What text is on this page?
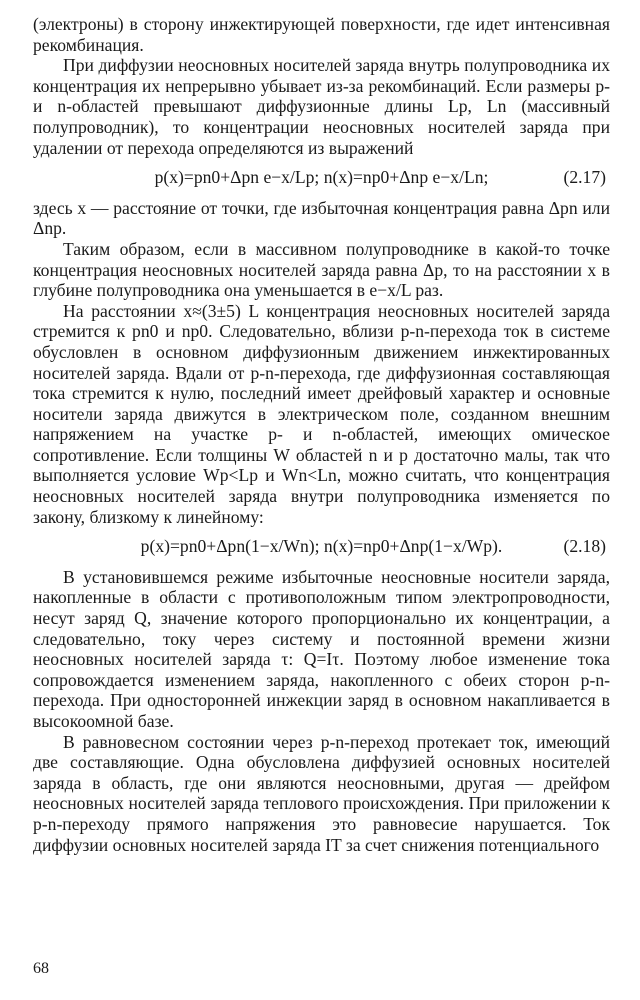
(электроны) в сторону инжектирующей поверхности, где идет интенсивная рекомбинация.

При диффузии неосновных носителей заряда внутрь полупроводника их концентрация их непрерывно убывает из-за рекомбинаций. Если размеры p- и n-областей превышают диффузионные длины Lp, Ln (массивный полупроводник), то концентрации неосновных носителей заряда при удалении от перехода определяются из выражений

p(x)=pn0+Δpn e−x/Lp; n(x)=np0+Δnp e−x/Ln;	(2.17)

здесь x — расстояние от точки, где избыточная концентрация равна Δpn или Δnp.

Таким образом, если в массивном полупроводнике в какой-то точке концентрация неосновных носителей заряда равна Δp, то на расстоянии x в глубине полупроводника она уменьшается в e−x/L раз.

На расстоянии x≈(3±5) L концентрация неосновных носителей заряда стремится к pn0 и np0. Следовательно, вблизи p-n-перехода ток в системе обусловлен в основном диффузионным движением инжектированных носителей заряда. Вдали от p-n-перехода, где диффузионная составляющая тока стремится к нулю, последний имеет дрейфовый характер и основные носители заряда движутся в электрическом поле, созданном внешним напряжением на участке p- и n-областей, имеющих омическое сопротивление. Если толщины W областей n и p достаточно малы, так что выполняется условие Wp<Lp и Wn<Ln, можно считать, что концентрация неосновных носителей заряда внутри полупроводника изменяется по закону, близкому к линейному:

p(x)=pn0+Δpn(1−x/Wn); n(x)=np0+Δnp(1−x/Wp).	(2.18)

В установившемся режиме избыточные неосновные носители заряда, накопленные в области с противоположным типом электропроводности, несут заряд Q, значение которого пропорционально их концентрации, а следовательно, току через систему и постоянной времени жизни неосновных носителей заряда τ: Q=Iτ. Поэтому любое изменение тока сопровождается изменением заряда, накопленного с обеих сторон p-n-перехода. При односторонней инжекции заряд в основном накапливается в высокоомной базе.

В равновесном состоянии через p-n-переход протекает ток, имеющий две составляющие. Одна обусловлена диффузией основных носителей заряда в область, где они являются неосновными, другая — дрейфом неосновных носителей заряда теплового происхождения. При приложении к p-n-переходу прямого напряжения это равновесие нарушается. Ток диффузии основных носителей заряда IT за счет снижения потенциального

68
